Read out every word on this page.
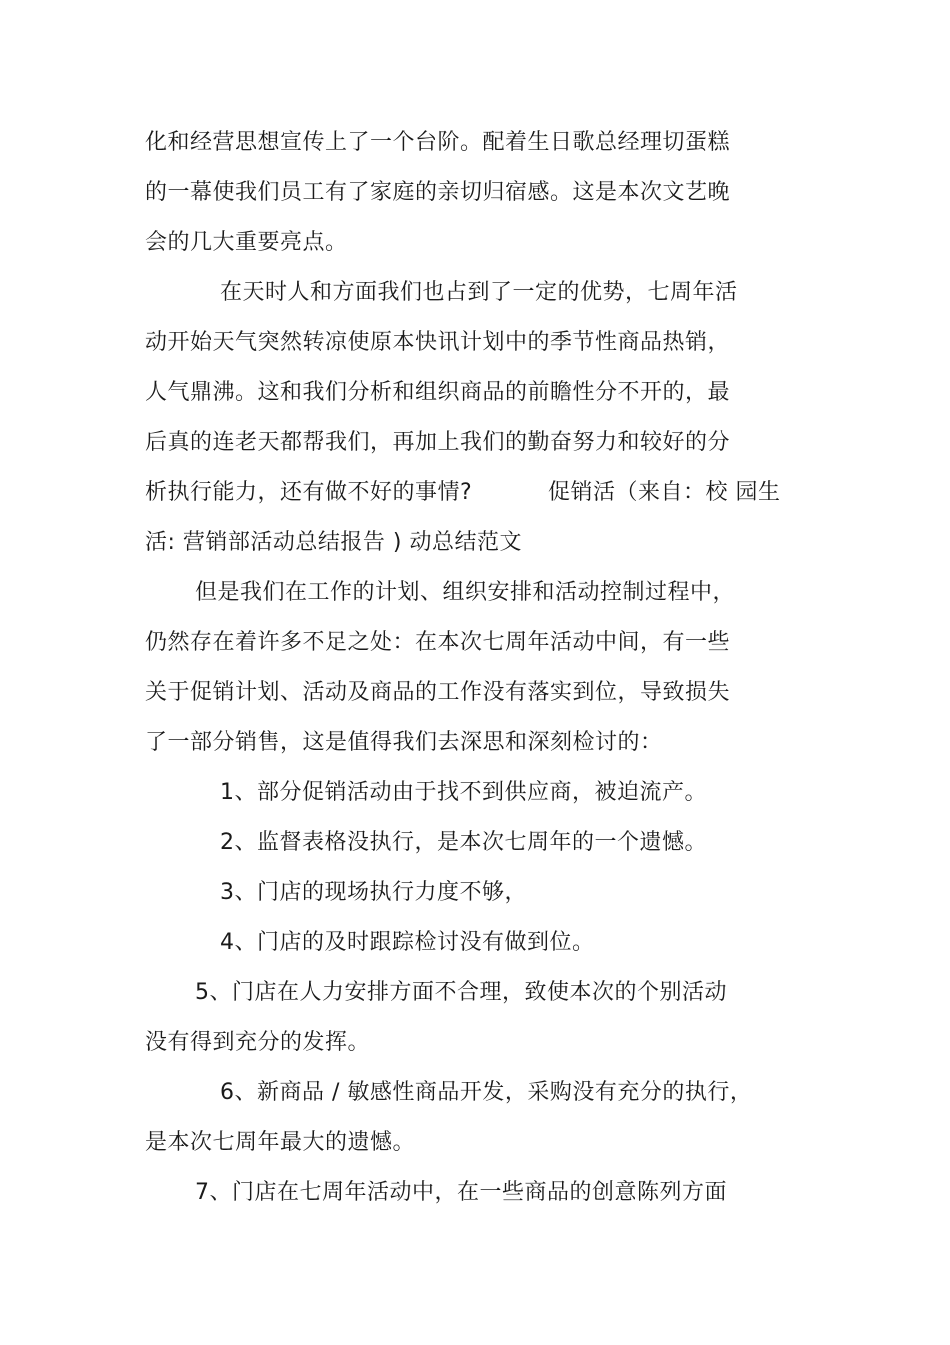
化和经营思想宣传上了一个台阶。配着生日歌总经理切蛋糕
的一幕使我们员工有了家庭的亲切归宿感。这是本次文艺晚
会的几大重要亮点。
在天时人和方面我们也占到了一定的优势，七周年活
动开始天气突然转凉使原本快讯计划中的季节性商品热销，
人气鼎沸。这和我们分析和组织商品的前瞻性分不开的，最
后真的连老天都帮我们，再加上我们的勤奋努力和较好的分
析执行能力，还有做不好的事情?	促销活（来自：校 园生
活: 营销部活动总结报告 ) 动总结范文
但是我们在工作的计划、组织安排和活动控制过程中，
仍然存在着许多不足之处：在本次七周年活动中间，有一些
关于促销计划、活动及商品的工作没有落实到位，导致损失
了一部分销售，这是值得我们去深思和深刻检讨的：
1、部分促销活动由于找不到供应商，被迫流产。
2、监督表格没执行，是本次七周年的一个遗憾。
3、门店的现场执行力度不够，
4、门店的及时跟踪检讨没有做到位。
5、门店在人力安排方面不合理，致使本次的个别活动
没有得到充分的发挥。
6、新商品 / 敏感性商品开发，采购没有充分的执行，
是本次七周年最大的遗憾。
7、门店在七周年活动中，在一些商品的创意陈列方面
